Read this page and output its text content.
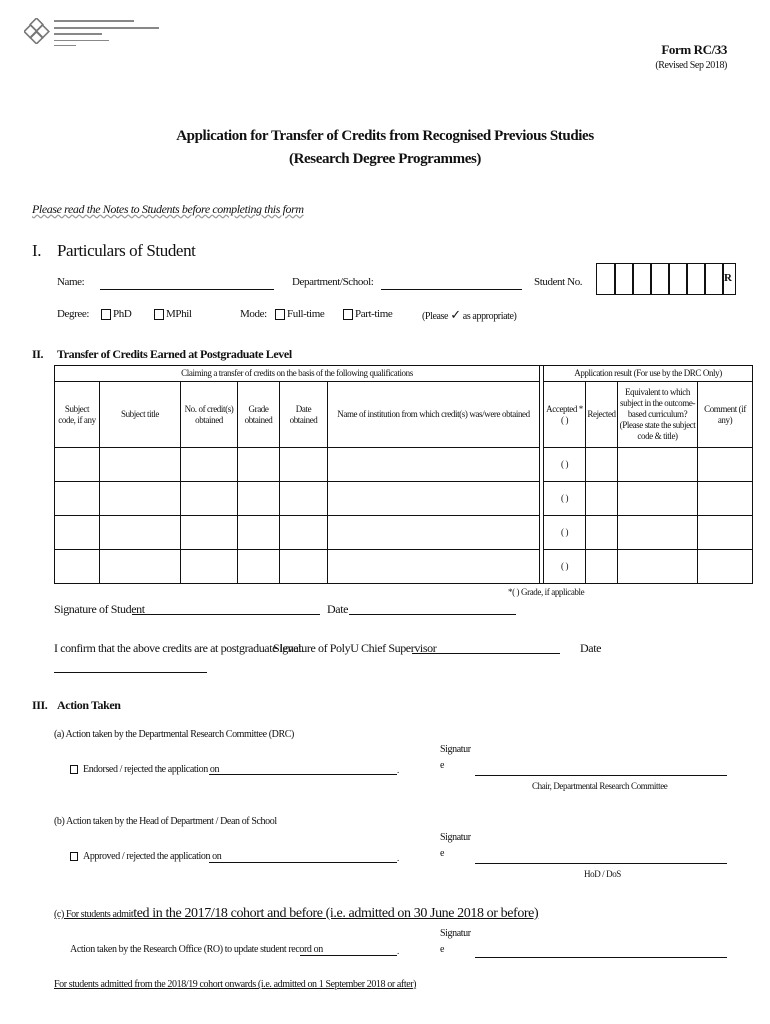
Form RC/33
(Revised Sep 2018)
Application for Transfer of Credits from Recognised Previous Studies
(Research Degree Programmes)
Please read the Notes to Students before completing this form
I. Particulars of Student
Name:	Department/School:	Student No.	R
Degree:	PhD	MPhil	Mode:	Full-time	Part-time	(Please ✓ as appropriate)
II. Transfer of Credits Earned at Postgraduate Level
Claiming a transfer of credits on the basis of the following qualifications							Application result (For use by the DRC Only)			
Subject code, if any	Subject title	No. of credit(s) obtained	Grade obtained	Date obtained	Name of institution from which credit(s) was/were obtained		Accepted *( )	Rejected	Equivalent to which subject in the outcome-based curriculum? (Please state the subject code & title)	Comment (if any)
							( )			
							( )			
							( )			
							( )			
*( ) Grade, if applicable
Signature of Student	Date
I confirm that the above credits are at postgraduate level.
Signature of PolyU Chief Supervisor	Date
III. Action Taken
(a) Action taken by the Departmental Research Committee (DRC)
Endorsed / rejected the application on	.
Signatur
e
Chair, Departmental Research Committee
(b) Action taken by the Head of Department / Dean of School
Approved / rejected the application on	.
Signatur
e
HoD / DoS
(c) For students admitted in the 2017/18 cohort and before (i.e. admitted on 30 June 2018 or before)
Action taken by the Research Office (RO) to update student record on	.
Signatur
e
For students admitted from the 2018/19 cohort onwards (i.e. admitted on 1 September 2018 or after)
